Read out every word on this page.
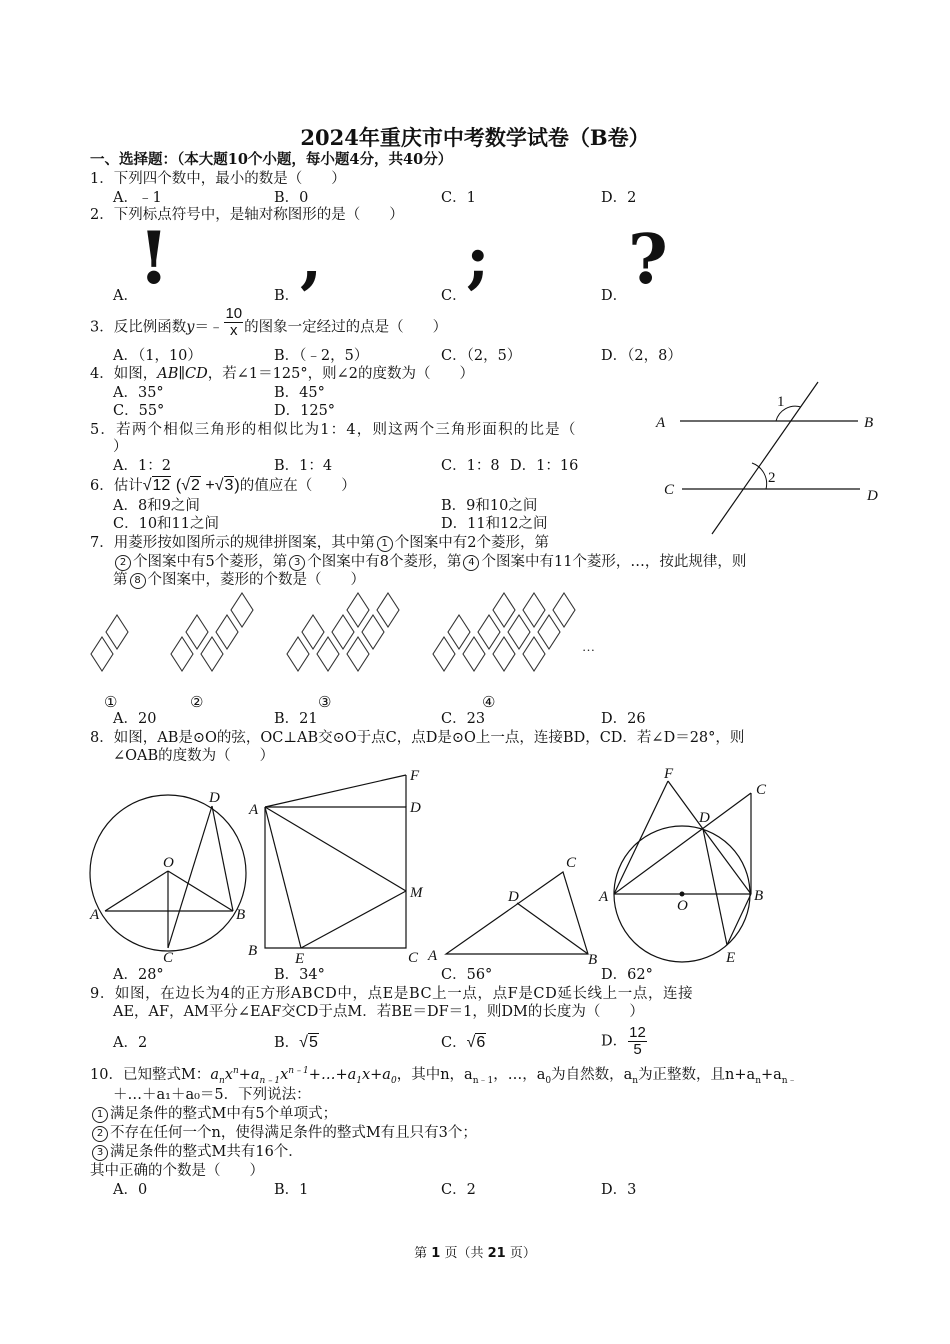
2024年重庆市中考数学试卷（B卷）
一、选择题：（本大题10个小题，每小题4分，共40分）
1．下列四个数中，最小的数是（　　）
A．﹣1	B．0	C．1	D．2
2．下列标点符号中，是轴对称图形的是（　　）
A． !	B． ,	C． ;	D． ?
3．反比例函数y＝﹣ $\frac{10}{x}$ 的图象一定经过的点是（　　）
A．（1，10）	B．（﹣2，5）	C．（2，5）	D．（2，8）
4．如图，AB∥CD，若∠1＝125°，则∠2的度数为（　　）
A．35°	B．45°
C．55°	D．125°
A	B
C	D
1
2
5．若两个相似三角形的相似比为1：4，则这两个三角形面积的比是（
）
A．1：2	B．1：4	C．1：8 D．1：16
6．估计√12 (√2 +√3)的值应在（　　）
A．8和9之间	B．9和10之间
C．10和11之间	D．11和12之间
7．用菱形按如图所示的规律拼图案，其中第 1 个图案中有2个菱形，第
2 个图案中有5个菱形，第 3 个图案中有8个菱形，第 4 个图案中有11个菱形，…，按此规律，则
第 8 个图案中，菱形的个数是（　　）
…
①	②	③	④
A．20	B．21	C．23	D．26
8．如图，AB是⊙O的弦，OC⊥AB交⊙O于点C，点D是⊙O上一点，连接BD，CD．若∠D＝28°，则
∠OAB的度数为（　　）
A	B
C
D
O
A
B	C
D
E
F
M
A	B
C
D	A	B
C
D
E
F
O
A．28°	B．34°	C．56°	D．62°
9．如图，在边长为4的正方形ABCD中，点E是BC上一点，点F是CD延长线上一点，连接
AE，AF，AM平分∠EAF交CD于点M．若BE＝DF＝1，则DM的长度为（　　）
A．2	B．√5	C．√6	D． $\frac{12}{5}$
10．已知整式M：$a_nx^n+a_{n﹣1}x^{n﹣1}+\dots+a_1x+a_0$，其中n，$a_{n﹣1}$，…，$a_0$为自然数，$a_n$为正整数，且$n+a_n+a_{n﹣}$
＋…＋a₁＋a₀＝5．下列说法：
1 满足条件的整式M中有5个单项式；
2 不存在任何一个n，使得满足条件的整式M有且只有3个；
3 满足条件的整式M共有16个．
其中正确的个数是（　　）
A．0	B．1	C．2	D．3
第 1 页（共 21 页）
